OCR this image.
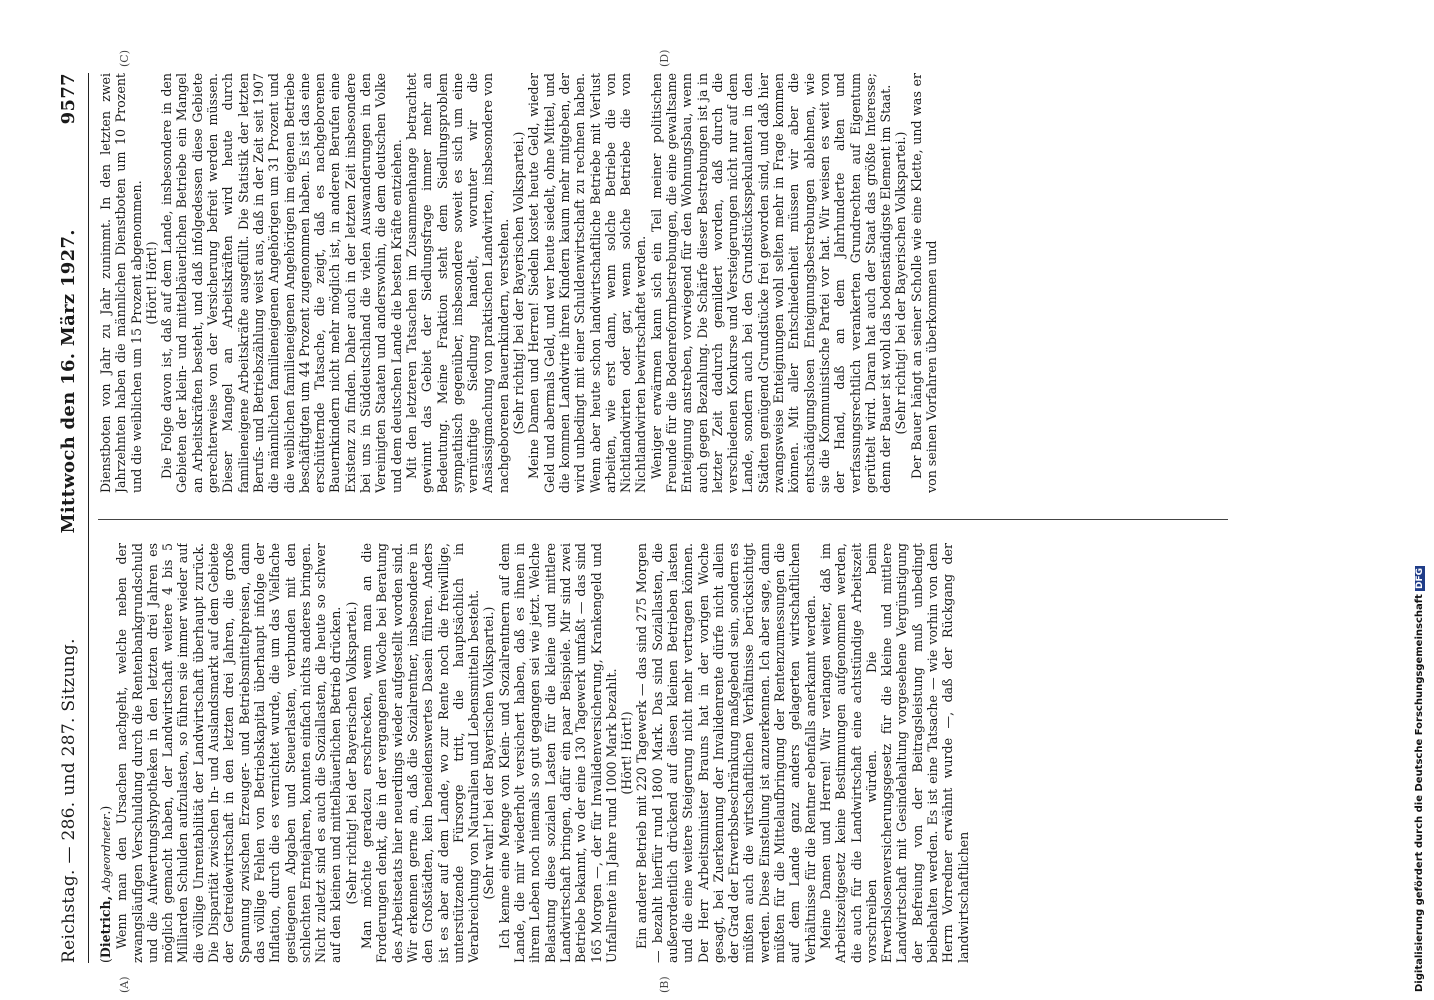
Reichstag. — 286. und 287. Sitzung.
Mittwoch den 16. März 1927.
9577
(A)	(B)
(C)	(D)

(Dietrich, Abgeordneter.) Wenn man den Ursachen nachgeht, welche neben der zwangsläufigen Verschuldung durch die Rentenbankgrundschuld und die Aufwertungshypotheken in den letzten drei Jahren es möglich gemacht haben, der Landwirtschaft weitere 4 bis 5 Milliarden Schulden aufzulasten, so führen sie immer wieder auf die völlige Unrentabilität der Landwirtschaft überhaupt zurück. Die Disparität zwischen In- und Auslandsmarkt auf dem Gebiete der Getreidewirtschaft in den letzten drei Jahren, die große Spannung zwischen Erzeuger- und Betriebsmittelpreisen, dann das völlige Fehlen von Betriebskapital überhaupt infolge der Inflation, durch die es vernichtet wurde, die um das Vielfache gestiegenen Abgaben und Steuerlasten, verbunden mit den schlechten Erntejahren, konnten einfach nichts anderes bringen. Nicht zuletzt sind es auch die Soziallasten, die heute so schwer auf den kleinen und mittelbäuerlichen Betrieb drücken. (Sehr richtig! bei der Bayerischen Volkspartei.) Man möchte geradezu erschrecken, wenn man an die Forderungen denkt, die in der vergangenen Woche bei Beratung des Arbeitsetats hier neuerdings wieder aufgestellt worden sind. Wir erkennen gerne an, daß die Sozialrentner, insbesondere in den Großstädten, kein beneidenswertes Dasein führen. Anders ist es aber auf dem Lande, wo zur Rente noch die freiwillige, unterstützende Fürsorge tritt, die hauptsächlich in Verabreichung von Naturalien und Lebensmitteln besteht. (Sehr wahr! bei der Bayerischen Volkspartei.) Ich kenne eine Menge von Klein- und Sozialrentnern auf dem Lande, die mir wiederholt versichert haben, daß es ihnen in ihrem Leben noch niemals so gut gegangen sei wie jetzt. Welche Belastung diese sozialen Lasten für die kleine und mittlere Landwirtschaft bringen, dafür ein paar Beispiele. Mir sind zwei Betriebe bekannt, wo der eine 130 Tagewerk umfaßt — das sind 165 Morgen —, der für Invalidenversicherung, Krankengeld und Unfallrente im Jahre rund 1000 Mark bezahlt. (Hört! Hört!) Ein anderer Betrieb mit 220 Tagewerk — das sind 275 Morgen — bezahlt hierfür rund 1800 Mark. Das sind Soziallasten, die außerordentlich drückend auf diesen kleinen Betrieben lasten und die eine weitere Steigerung nicht mehr vertragen können. Der Herr Arbeitsminister Brauns hat in der vorigen Woche gesagt, bei Zuerkennung der Invalidenrente dürfe nicht allein der Grad der Erwerbsbeschränkung maßgebend sein, sondern es müßten auch die wirtschaftlichen Verhältnisse berücksichtigt werden. Diese Einstellung ist anzuerkennen. Ich aber sage, dann müßten für die Mittelaufbringung der Rentenzumessungen die auf dem Lande ganz anders gelagerten wirtschaftlichen Verhältnisse für die Rentner ebenfalls anerkannt werden. Meine Damen und Herren! Wir verlangen weiter, daß im Arbeitszeitgesetz keine Bestimmungen aufgenommen werden, die auch für die Landwirtschaft eine achtstündige Arbeitszeit vorschreiben würden. Die beim Erwerbslosenversicherungsgesetz für die kleine und mittlere Landwirtschaft mit Gesindehaltung vorgesehene Vergünstigung der Befreiung von der Beitragsleistung muß unbedingt beibehalten werden. Es ist eine Tatsache — wie vorhin von dem Herrn Vorredner erwähnt wurde —, daß der Rückgang der landwirtschaftlichen

Dienstboten von Jahr zu Jahr zunimmt. In den letzten zwei Jahrzehnten haben die männlichen Dienstboten um 10 Prozent und die weiblichen um 15 Prozent abgenommen. (Hört! Hört!) Die Folge davon ist, daß auf dem Lande, insbesondere in den Gebieten der klein- und mittelbäuerlichen Betriebe ein Mangel an Arbeitskräften besteht, und daß infolgedessen diese Gebiete gerechterweise von der Versicherung befreit werden müssen. Dieser Mangel an Arbeitskräften wird heute durch familieneigene Arbeitskräfte ausgefüllt. Die Statistik der letzten Berufs- und Betriebszählung weist aus, daß in der Zeit seit 1907 die männlichen familieneigenen Angehörigen um 31 Prozent und die weiblichen familieneigenen Angehörigen im eigenen Betriebe beschäftigten um 44 Prozent zugenommen haben. Es ist das eine erschütternde Tatsache, die zeigt, daß es nachgeborenen Bauernkindern nicht mehr möglich ist, in anderen Berufen eine Existenz zu finden. Daher auch in der letzten Zeit insbesondere bei uns in Süddeutschland die vielen Auswanderungen in den Vereinigten Staaten und anderswohin, die dem deutschen Volke und dem deutschen Lande die besten Kräfte entziehen. Mit den letzteren Tatsachen im Zusammenhange betrachtet gewinnt das Gebiet der Siedlungsfrage immer mehr an Bedeutung. Meine Fraktion steht dem Siedlungsproblem sympathisch gegenüber, insbesondere soweit es sich um eine vernünftige Siedlung handelt, worunter wir die Ansässigmachung von praktischen Landwirten, insbesondere von nachgeborenen Bauernkindern, verstehen. (Sehr richtig! bei der Bayerischen Volkspartei.) Meine Damen und Herren! Siedeln kostet heute Geld, wieder Geld und abermals Geld, und wer heute siedelt, ohne Mittel, und die kommen Landwirte ihren Kindern kaum mehr mitgeben, der wird unbedingt mit einer Schuldenwirtschaft zu rechnen haben. Wenn aber heute schon landwirtschaftliche Betriebe mit Verlust arbeiten, wie erst dann, wenn solche Betriebe die von Nichtlandwirten oder gar, wenn solche Betriebe die von Nichtlandwirten bewirtschaftet werden. Weniger erwärmen kann sich ein Teil meiner politischen Freunde für die Bodenreformbestrebungen, die eine gewaltsame Enteignung anstreben, vorwiegend für den Wohnungsbau, wenn auch gegen Bezahlung. Die Schärfe dieser Bestrebungen ist ja in letzter Zeit dadurch gemildert worden, daß durch die verschiedenen Konkurse und Versteigerungen nicht nur auf dem Lande, sondern auch bei den Grundstücksspekulanten in den Städten genügend Grundstücke frei geworden sind, und daß hier zwangsweise Enteignungen wohl selten mehr in Frage kommen können. Mit aller Entschiedenheit müssen wir aber die entschädigungslosen Enteignungsbestrebungen ablehnen, wie sie die Kommunistische Partei vor hat. Wir weisen es weit von der Hand, daß an dem Jahrhunderte alten und verfassungsrechtlich verankerten Grundrechten auf Eigentum gerüttelt wird. Daran hat auch der Staat das größte Interesse; denn der Bauer ist wohl das bodenständigste Element im Staat. (Sehr richtig! bei der Bayerischen Volkspartei.) Der Bauer hängt an seiner Scholle wie eine Klette, und was er von seinen Vorfahren überkommen und

Digitalisierung gefördert durch die Deutsche Forschungsgemeinschaft DFG
